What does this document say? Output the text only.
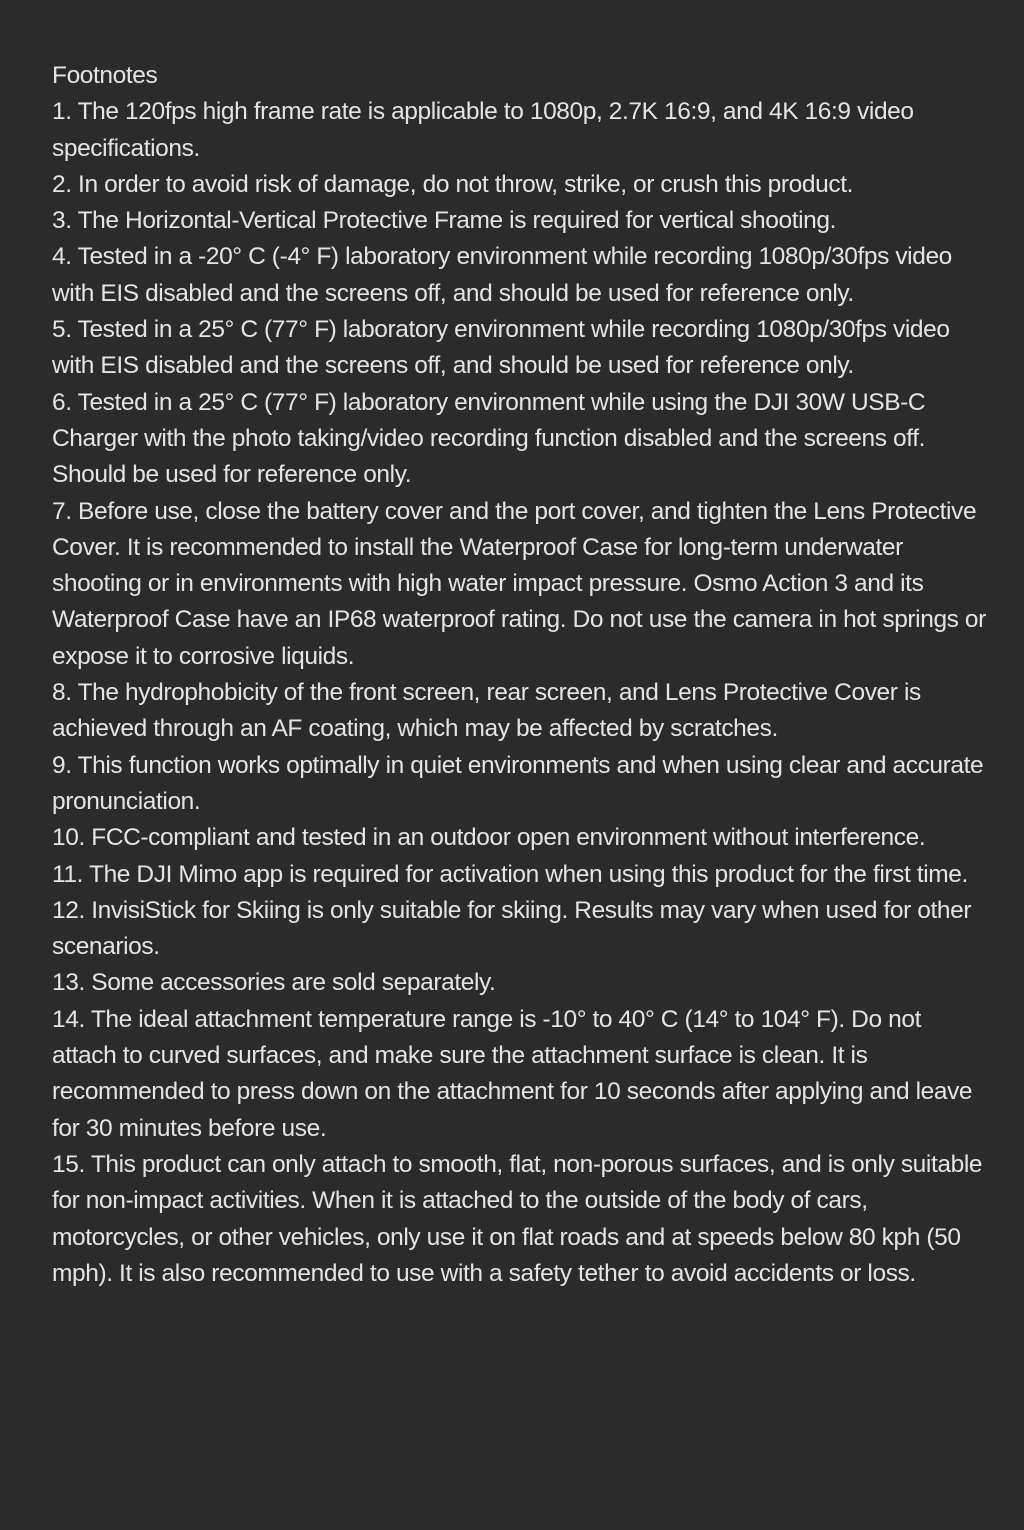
Footnotes

1. The 120fps high frame rate is applicable to 1080p, 2.7K 16:9, and 4K 16:9 video specifications.

2. In order to avoid risk of damage, do not throw, strike, or crush this product.

3. The Horizontal-Vertical Protective Frame is required for vertical shooting.

4. Tested in a -20° C (-4° F) laboratory environment while recording 1080p/30fps video with EIS disabled and the screens off, and should be used for reference only.

5. Tested in a 25° C (77° F) laboratory environment while recording 1080p/30fps video with EIS disabled and the screens off, and should be used for reference only.

6. Tested in a 25° C (77° F) laboratory environment while using the DJI 30W USB-C Charger with the photo taking/video recording function disabled and the screens off. Should be used for reference only.

7. Before use, close the battery cover and the port cover, and tighten the Lens Protective Cover. It is recommended to install the Waterproof Case for long-term underwater shooting or in environments with high water impact pressure. Osmo Action 3 and its Waterproof Case have an IP68 waterproof rating. Do not use the camera in hot springs or expose it to corrosive liquids.

8. The hydrophobicity of the front screen, rear screen, and Lens Protective Cover is achieved through an AF coating, which may be affected by scratches.

9. This function works optimally in quiet environments and when using clear and accurate pronunciation.

10. FCC-compliant and tested in an outdoor open environment without interference.

11. The DJI Mimo app is required for activation when using this product for the first time.

12. InvisiStick for Skiing is only suitable for skiing. Results may vary when used for other scenarios.

13. Some accessories are sold separately.

14. The ideal attachment temperature range is -10° to 40° C (14° to 104° F). Do not attach to curved surfaces, and make sure the attachment surface is clean. It is recommended to press down on the attachment for 10 seconds after applying and leave for 30 minutes before use.

15. This product can only attach to smooth, flat, non-porous surfaces, and is only suitable for non-impact activities. When it is attached to the outside of the body of cars, motorcycles, or other vehicles, only use it on flat roads and at speeds below 80 kph (50 mph). It is also recommended to use with a safety tether to avoid accidents or loss.
